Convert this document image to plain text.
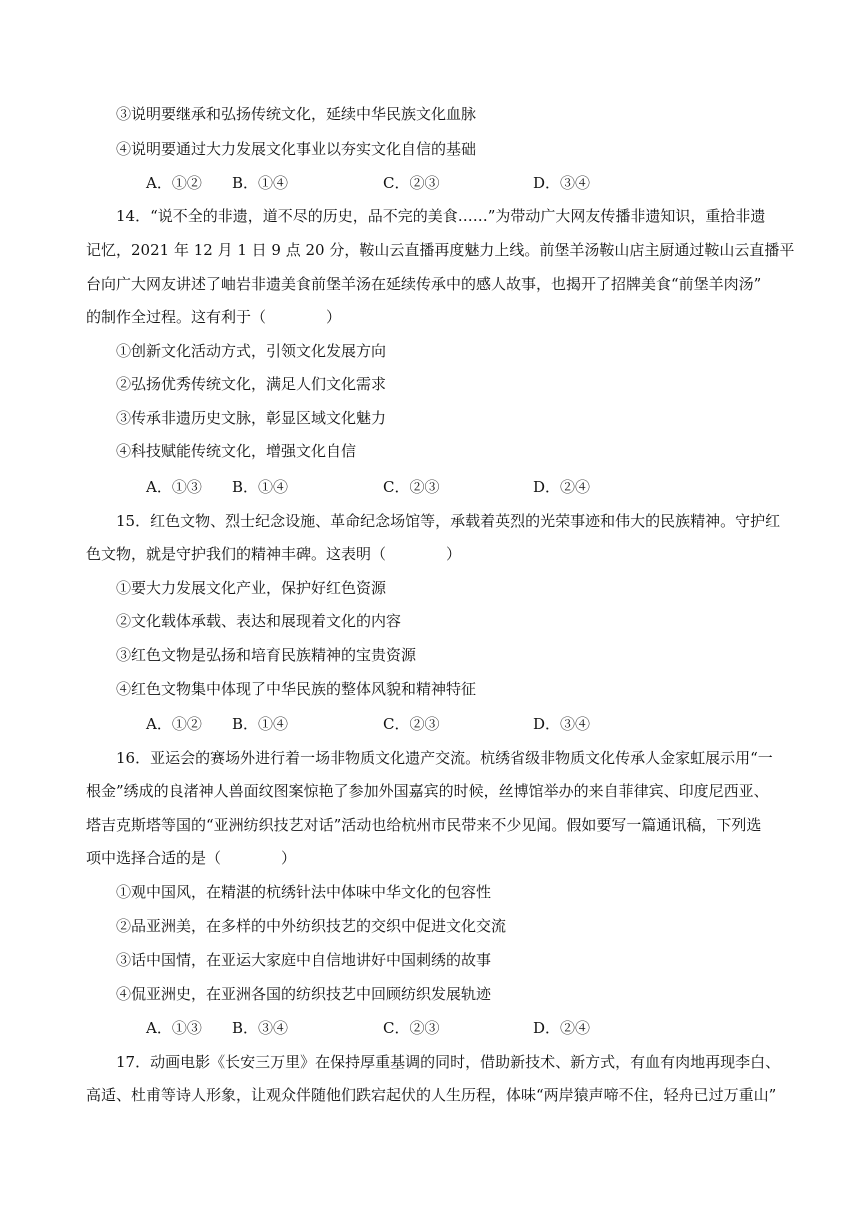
③说明要继承和弘扬传统文化，延续中华民族文化血脉
④说明要通过大力发展文化事业以夯实文化自信的基础
A．①② B．①④	C．②③	D．③④
14．“说不全的非遗，道不尽的历史，品不完的美食……”为带动广大网友传播非遗知识，重拾非遗
记忆，2021 年 12 月 1 日 9 点 20 分，鞍山云直播再度魅力上线。前堡羊汤鞍山店主厨通过鞍山云直播平
台向广大网友讲述了岫岩非遗美食前堡羊汤在延续传承中的感人故事，也揭开了招牌美食“前堡羊肉汤”
的制作全过程。这有利于（　　　　）
①创新文化活动方式，引领文化发展方向
②弘扬优秀传统文化，满足人们文化需求
③传承非遗历史文脉，彰显区域文化魅力
④科技赋能传统文化，增强文化自信
A．①③ B．①④	C．②③	D．②④
15．红色文物、烈士纪念设施、革命纪念场馆等，承载着英烈的光荣事迹和伟大的民族精神。守护红
色文物，就是守护我们的精神丰碑。这表明（　　　　）
①要大力发展文化产业，保护好红色资源
②文化载体承载、表达和展现着文化的内容
③红色文物是弘扬和培育民族精神的宝贵资源
④红色文物集中体现了中华民族的整体风貌和精神特征
A．①② B．①④	C．②③	D．③④
16．亚运会的赛场外进行着一场非物质文化遗产交流。杭绣省级非物质文化传承人金家虹展示用“一
根金”绣成的良渚神人兽面纹图案惊艳了参加外国嘉宾的时候，丝博馆举办的来自菲律宾、印度尼西亚、
塔吉克斯塔等国的“亚洲纺织技艺对话”活动也给杭州市民带来不少见闻。假如要写一篇通讯稿，下列选
项中选择合适的是（　　　　）
①观中国风，在精湛的杭绣针法中体味中华文化的包容性
②品亚洲美，在多样的中外纺织技艺的交织中促进文化交流
③话中国情，在亚运大家庭中自信地讲好中国刺绣的故事
④侃亚洲史，在亚洲各国的纺织技艺中回顾纺织发展轨迹
A．①③ B．③④	C．②③	D．②④
17．动画电影《长安三万里》在保持厚重基调的同时，借助新技术、新方式，有血有肉地再现李白、
高适、杜甫等诗人形象，让观众伴随他们跌宕起伏的人生历程，体味“两岸猿声啼不住，轻舟已过万重山”
